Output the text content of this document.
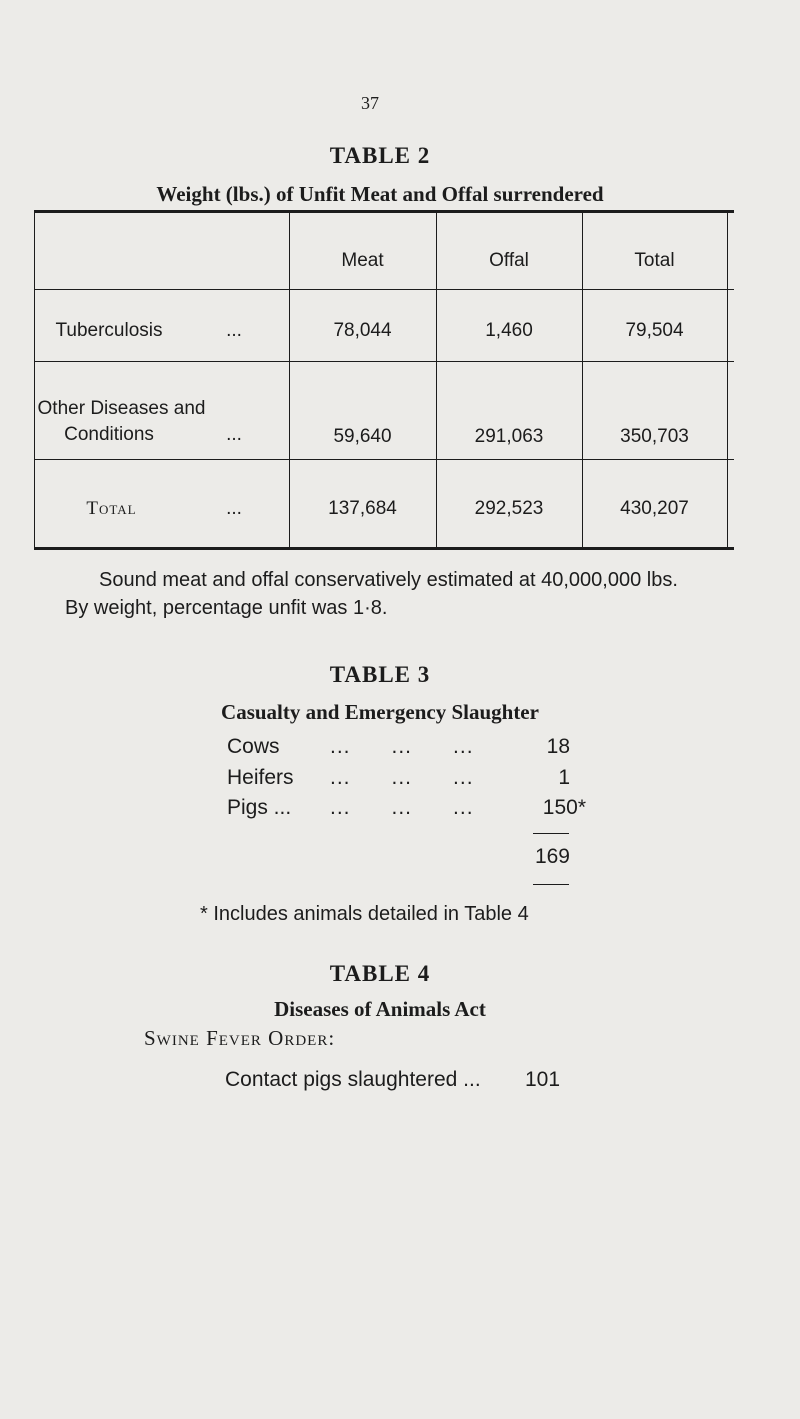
37
TABLE 2
Weight (lbs.) of Unfit Meat and Offal surrendered
Meat	Offal	Total
Tuberculosis	...	78,044	1,460	79,504
Other Diseases and
Conditions	...	59,640	291,063	350,703
Total	...	137,684	292,523	430,207
Sound meat and offal conservatively estimated at 40,000,000 lbs.
By weight, percentage unfit was 1·8.
TABLE 3
Casualty and Emergency Slaughter
Cows ...      ...      ...	18
Heifers ...      ...      ...	1
Pigs ... ...      ...      ...	150*
169
* Includes animals detailed in Table 4
TABLE 4
Diseases of Animals Act
Swine Fever Order:
Contact pigs slaughtered ... 101
